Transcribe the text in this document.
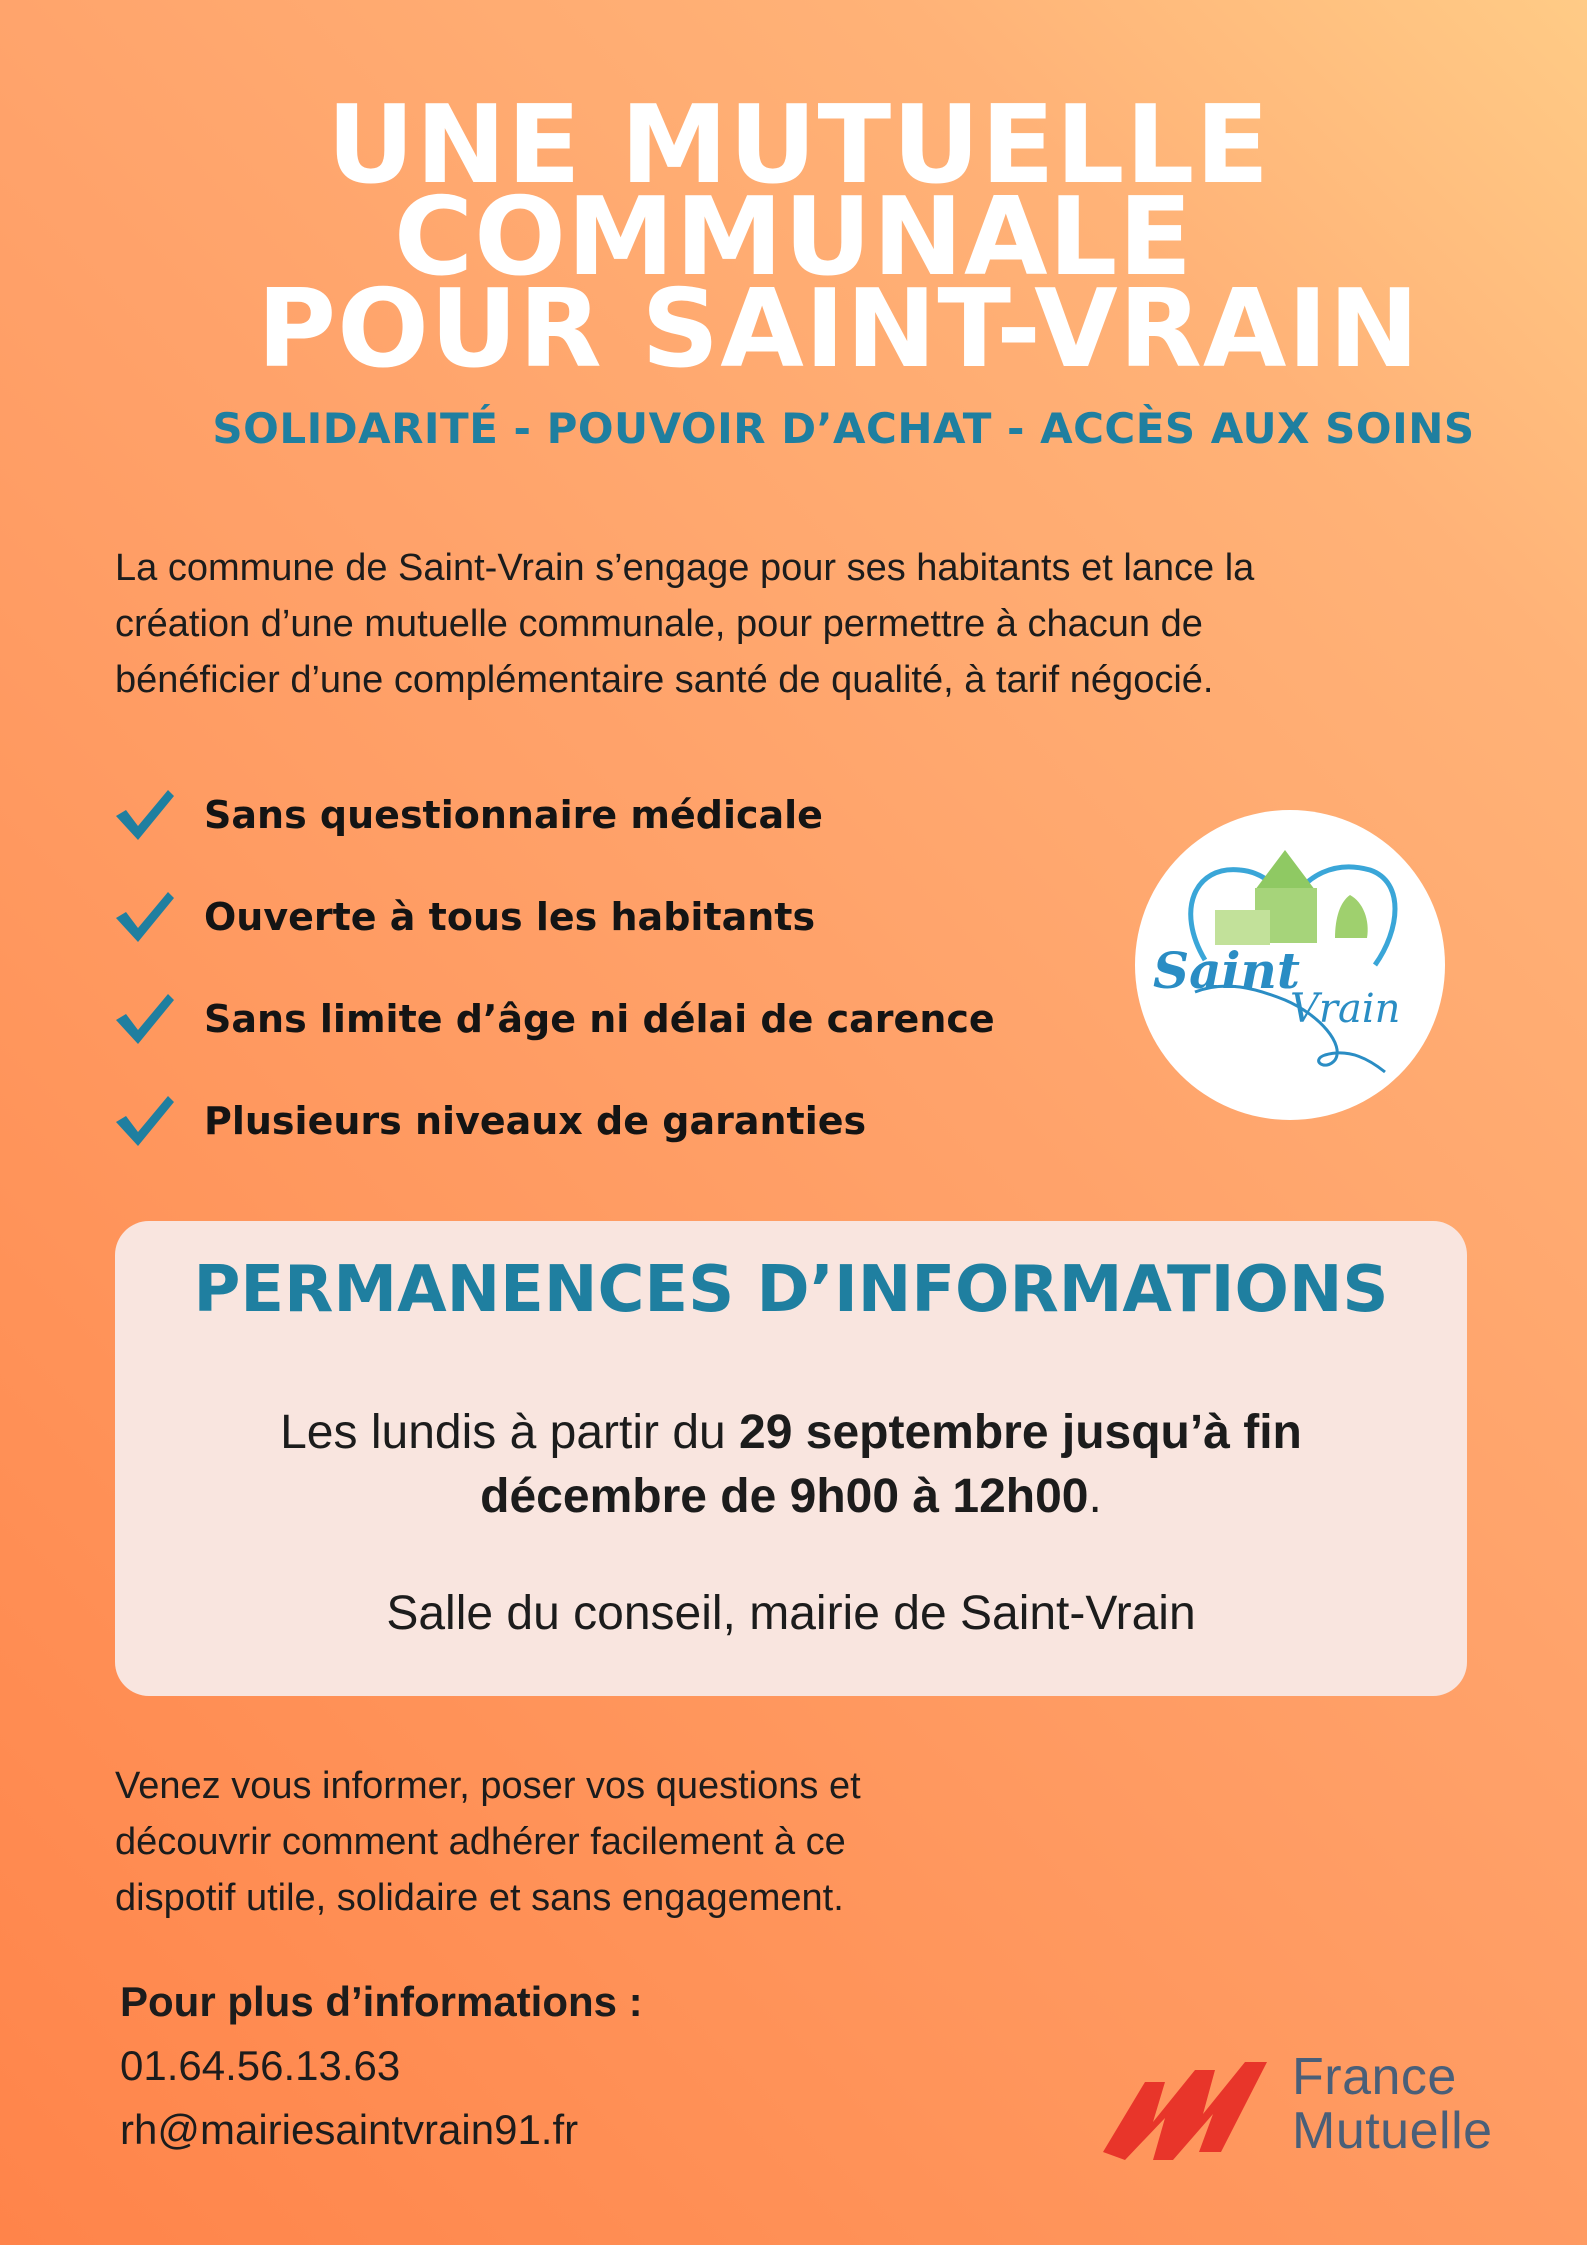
UNE MUTUELLE
COMMUNALE
POUR SAINT-VRAIN
SOLIDARITÉ - POUVOIR D’ACHAT - ACCÈS AUX SOINS
La commune de Saint-Vrain s’engage pour ses habitants et lance la
création d’une mutuelle communale, pour permettre à chacun de
bénéficier d’une complémentaire santé de qualité, à tarif négocié.
Sans questionnaire médicale
Ouverte à tous les habitants
Sans limite d’âge ni délai de carence
Plusieurs niveaux de garanties
Saint
Vrain
PERMANENCES D’INFORMATIONS
Les lundis à partir du 29 septembre jusqu’à fin
décembre de 9h00 à 12h00.
Salle du conseil, mairie de Saint-Vrain
Venez vous informer, poser vos questions et
découvrir comment adhérer facilement à ce
dispotif utile, solidaire et sans engagement.
Pour plus d’informations :
01.64.56.13.63
rh@mairiesaintvrain91.fr
France
Mutuelle
